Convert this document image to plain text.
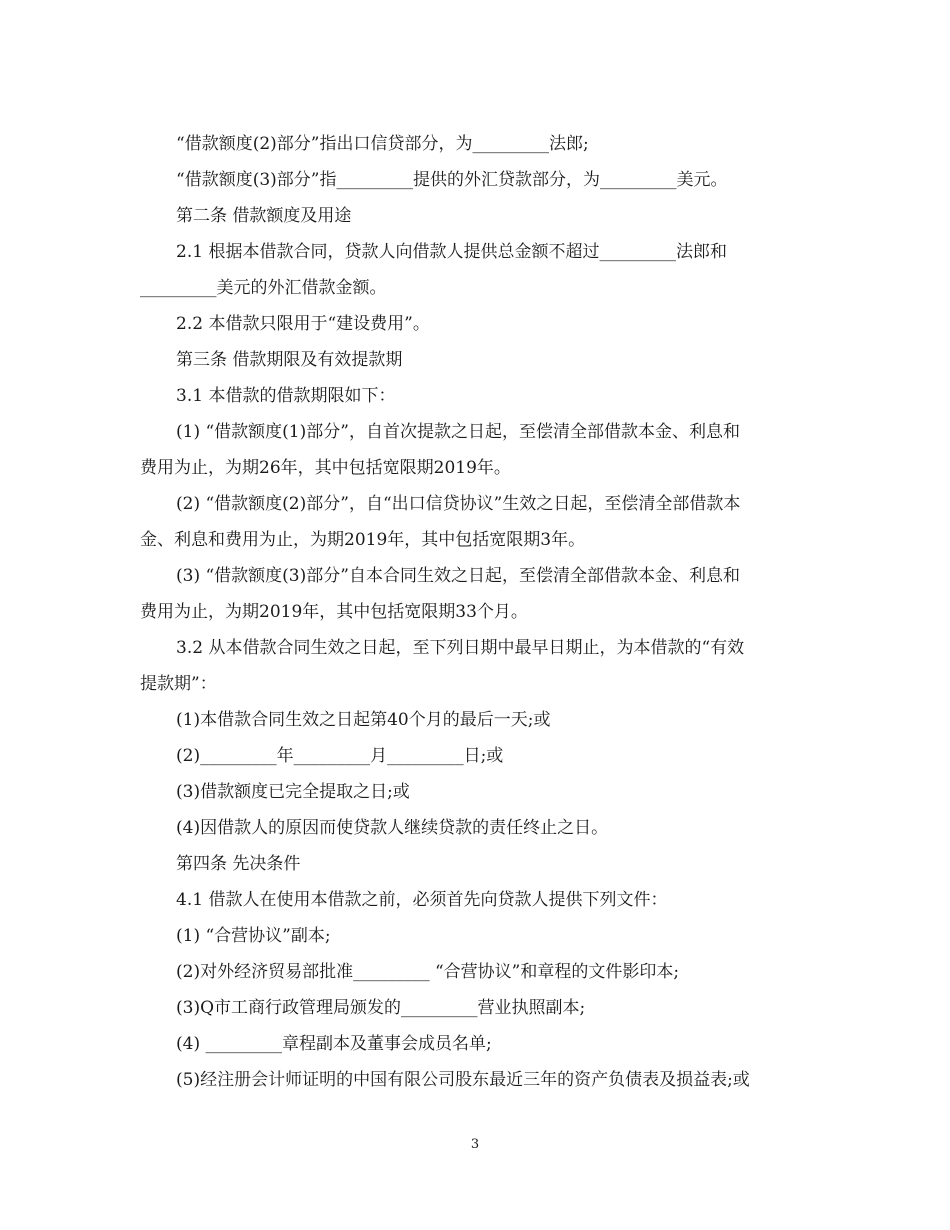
“借款额度(2)部分”指出口信贷部分，为_________法郎;
“借款额度(3)部分”指_________提供的外汇贷款部分，为_________美元。
第二条 借款额度及用途
2.1 根据本借款合同，贷款人向借款人提供总金额不超过_________法郎和
_________美元的外汇借款金额。
2.2 本借款只限用于“建设费用”。
第三条 借款期限及有效提款期
3.1 本借款的借款期限如下：
(1) “借款额度(1)部分”，自首次提款之日起，至偿清全部借款本金、利息和
费用为止，为期26年，其中包括宽限期2019年。
(2) “借款额度(2)部分”，自“出口信贷协议”生效之日起，至偿清全部借款本
金、利息和费用为止，为期2019年，其中包括宽限期3年。
(3) “借款额度(3)部分”自本合同生效之日起，至偿清全部借款本金、利息和
费用为止，为期2019年，其中包括宽限期33个月。
3.2 从本借款合同生效之日起，至下列日期中最早日期止，为本借款的“有效
提款期”：
(1)本借款合同生效之日起第40个月的最后一天;或
(2)_________年_________月_________日;或
(3)借款额度已完全提取之日;或
(4)因借款人的原因而使贷款人继续贷款的责任终止之日。
第四条 先决条件
4.1 借款人在使用本借款之前，必须首先向贷款人提供下列文件：
(1) “合营协议”副本;
(2)对外经济贸易部批准_________ “合营协议”和章程的文件影印本;
(3)Q市工商行政管理局颁发的_________营业执照副本;
(4) _________章程副本及董事会成员名单;
(5)经注册会计师证明的中国有限公司股东最近三年的资产负债表及损益表;或
3
